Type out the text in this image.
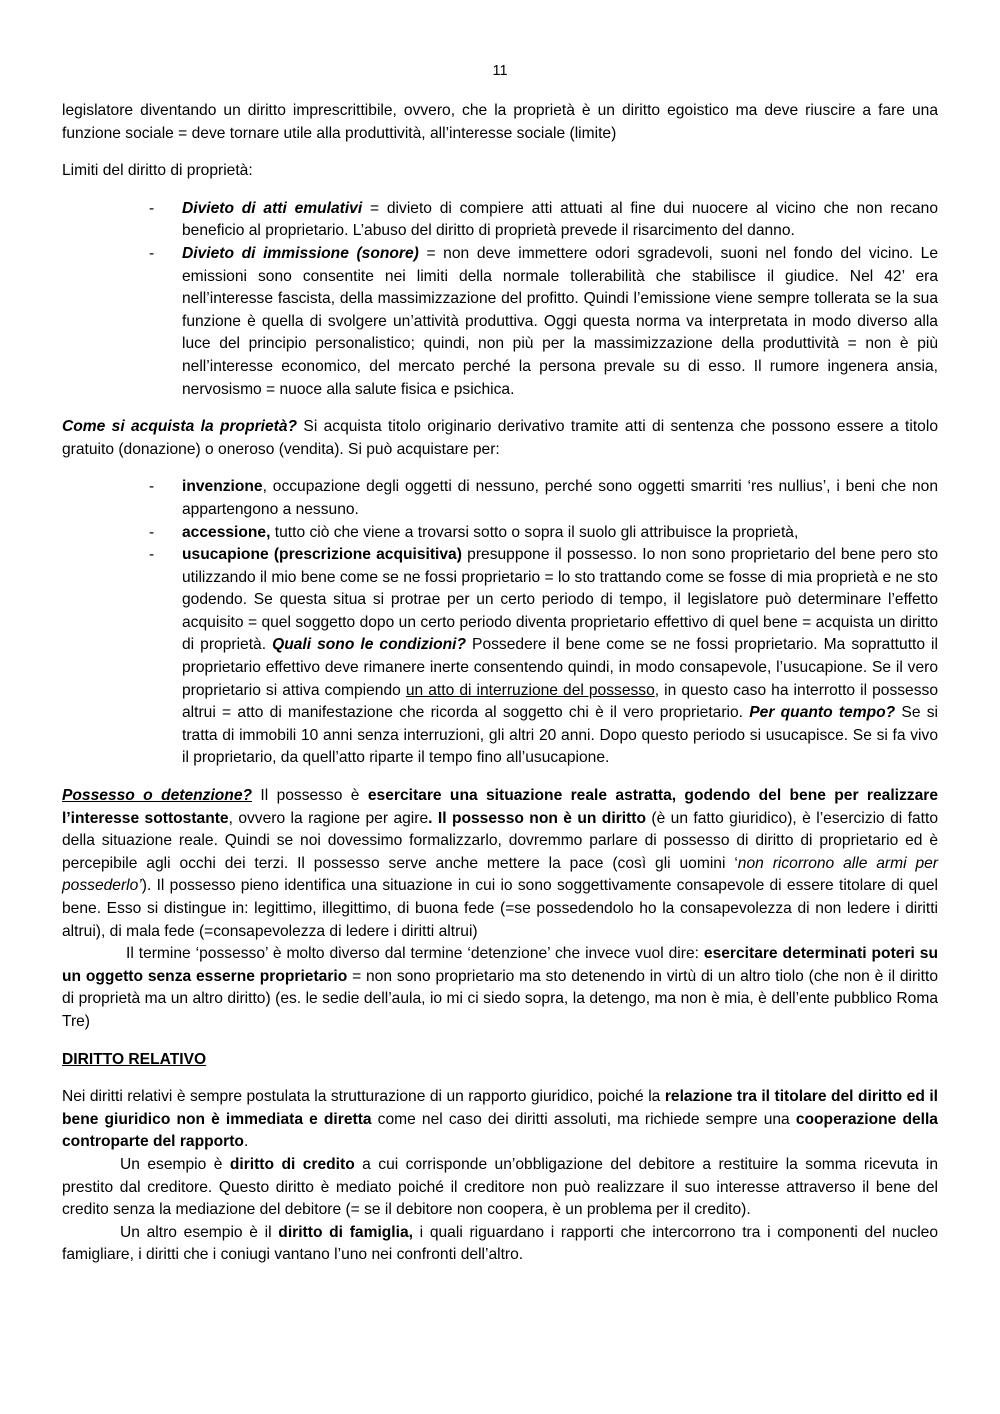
11

legislatore diventando un diritto imprescrittibile, ovvero, che la proprietà è un diritto egoistico ma deve riuscire a fare una funzione sociale = deve tornare utile alla produttività, all’interesse sociale (limite)

Limiti del diritto di proprietà:

- Divieto di atti emulativi = divieto di compiere atti attuati al fine dui nuocere al vicino che non recano beneficio al proprietario. L’abuso del diritto di proprietà prevede il risarcimento del danno.
- Divieto di immissione (sonore) = non deve immettere odori sgradevoli, suoni nel fondo del vicino. Le emissioni sono consentite nei limiti della normale tollerabilità che stabilisce il giudice. Nel 42’ era nell’interesse fascista, della massimizzazione del profitto. Quindi l’emissione viene sempre tollerata se la sua funzione è quella di svolgere un’attività produttiva. Oggi questa norma va interpretata in modo diverso alla luce del principio personalistico; quindi, non più per la massimizzazione della produttività = non è più nell’interesse economico, del mercato perché la persona prevale su di esso. Il rumore ingenera ansia, nervosismo = nuoce alla salute fisica e psichica.

Come si acquista la proprietà? Si acquista titolo originario derivativo tramite atti di sentenza che possono essere a titolo gratuito (donazione) o oneroso (vendita). Si può acquistare per:

- invenzione, occupazione degli oggetti di nessuno, perché sono oggetti smarriti ‘res nullius’, i beni che non appartengono a nessuno.
- accessione, tutto ciò che viene a trovarsi sotto o sopra il suolo gli attribuisce la proprietà,
- usucapione (prescrizione acquisitiva) presuppone il possesso. Io non sono proprietario del bene pero sto utilizzando il mio bene come se ne fossi proprietario = lo sto trattando come se fosse di mia proprietà e ne sto godendo. Se questa situa si protrae per un certo periodo di tempo, il legislatore può determinare l’effetto acquisito = quel soggetto dopo un certo periodo diventa proprietario effettivo di quel bene = acquista un diritto di proprietà. Quali sono le condizioni? Possedere il bene come se ne fossi proprietario. Ma soprattutto il proprietario effettivo deve rimanere inerte consentendo quindi, in modo consapevole, l’usucapione. Se il vero proprietario si attiva compiendo un atto di interruzione del possesso, in questo caso ha interrotto il possesso altrui = atto di manifestazione che ricorda al soggetto chi è il vero proprietario. Per quanto tempo? Se si tratta di immobili 10 anni senza interruzioni, gli altri 20 anni. Dopo questo periodo si usucapisce. Se si fa vivo il proprietario, da quell’atto riparte il tempo fino all’usucapione.

Possesso o detenzione? Il possesso è esercitare una situazione reale astratta, godendo del bene per realizzare l’interesse sottostante, ovvero la ragione per agire. Il possesso non è un diritto (è un fatto giuridico), è l’esercizio di fatto della situazione reale. Quindi se noi dovessimo formalizzarlo, dovremmo parlare di possesso di diritto di proprietario ed è percepibile agli occhi dei terzi. Il possesso serve anche mettere la pace (così gli uomini ‘non ricorrono alle armi per possederlo’). Il possesso pieno identifica una situazione in cui io sono soggettivamente consapevole di essere titolare di quel bene. Esso si distingue in: legittimo, illegittimo, di buona fede (=se possedendolo ho la consapevolezza di non ledere i diritti altrui), di mala fede (=consapevolezza di ledere i diritti altrui)

Il termine ‘possesso’ è molto diverso dal termine ‘detenzione’ che invece vuol dire: esercitare determinati poteri su un oggetto senza esserne proprietario = non sono proprietario ma sto detenendo in virtù di un altro tiolo (che non è il diritto di proprietà ma un altro diritto) (es. le sedie dell’aula, io mi ci siedo sopra, la detengo, ma non è mia, è dell’ente pubblico Roma Tre)

DIRITTO RELATIVO

Nei diritti relativi è sempre postulata la strutturazione di un rapporto giuridico, poiché la relazione tra il titolare del diritto ed il bene giuridico non è immediata e diretta come nel caso dei diritti assoluti, ma richiede sempre una cooperazione della controparte del rapporto.

Un esempio è diritto di credito a cui corrisponde un’obbligazione del debitore a restituire la somma ricevuta in prestito dal creditore. Questo diritto è mediato poiché il creditore non può realizzare il suo interesse attraverso il bene del credito senza la mediazione del debitore (= se il debitore non coopera, è un problema per il credito).

Un altro esempio è il diritto di famiglia, i quali riguardano i rapporti che intercorrono tra i componenti del nucleo famigliare, i diritti che i coniugi vantano l’uno nei confronti dell’altro.
